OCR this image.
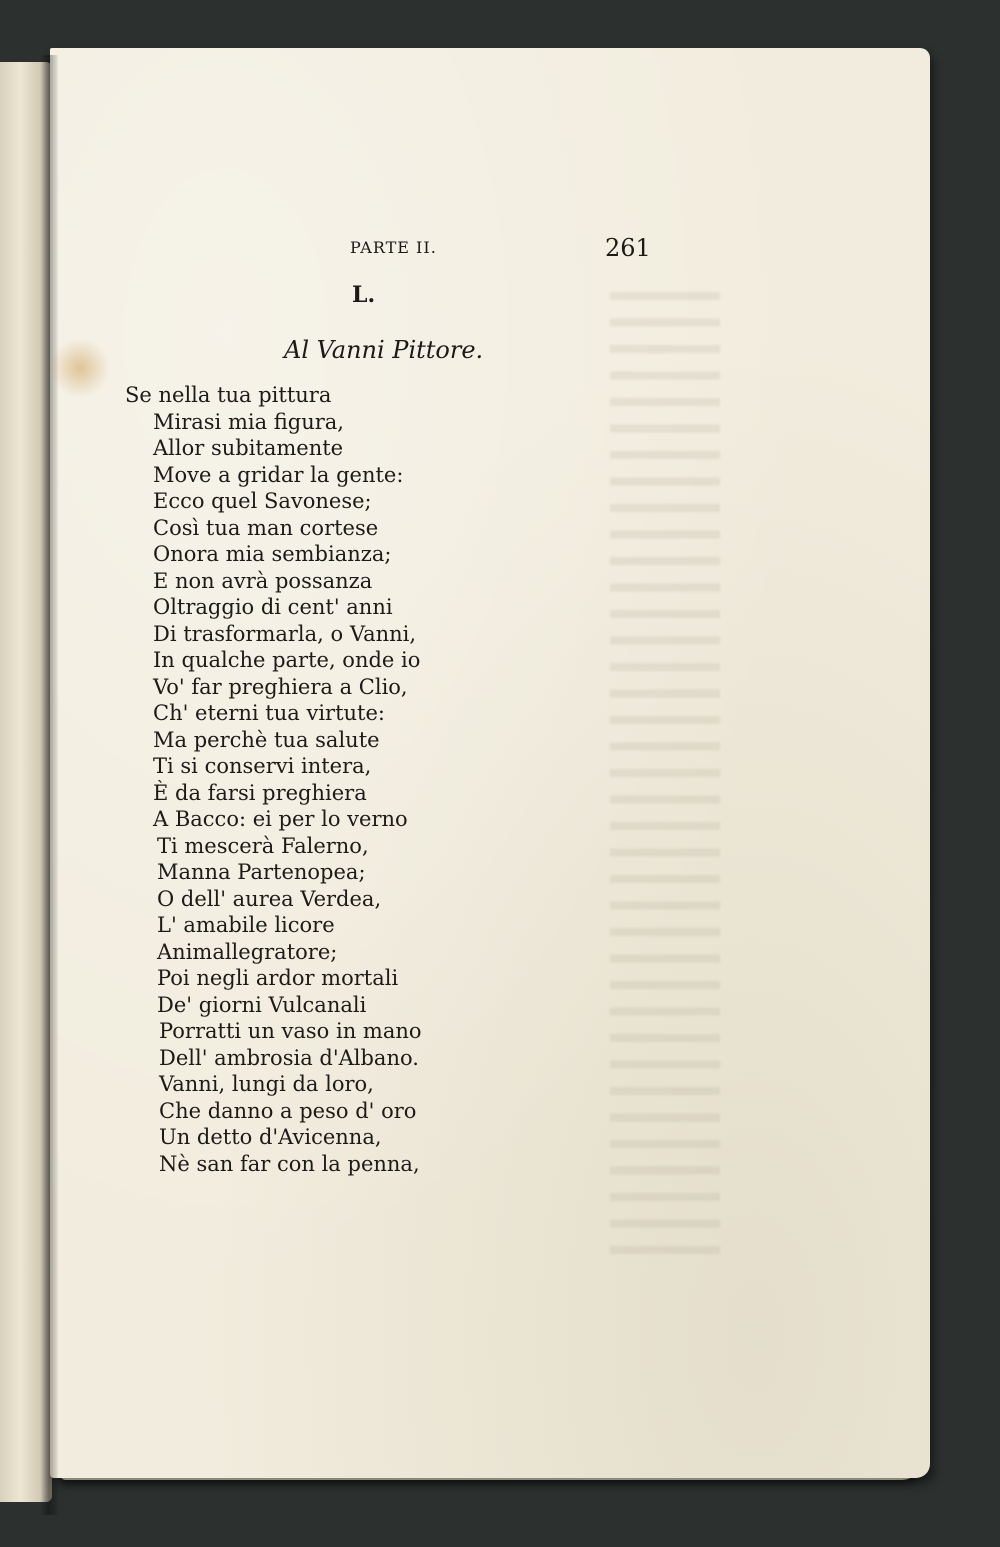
PARTE II.	261
L.
Al Vanni Pittore.
Se nella tua pittura
Mirasi mia figura,
Allor subitamente
Move a gridar la gente:
Ecco quel Savonese;
Così tua man cortese
Onora mia sembianza;
E non avrà possanza
Oltraggio di cent' anni
Di trasformarla, o Vanni,
In qualche parte, onde io
Vo' far preghiera a Clio,
Ch' eterni tua virtute:
Ma perchè tua salute
Ti si conservi intera,
È da farsi preghiera
A Bacco: ei per lo verno
Ti mescerà Falerno,
Manna Partenopea;
O dell' aurea Verdea,
L' amabile licore
Animallegratore;
Poi negli ardor mortali
De' giorni Vulcanali
Porratti un vaso in mano
Dell' ambrosia d'Albano.
Vanni, lungi da loro,
Che danno a peso d' oro
Un detto d'Avicenna,
Nè san far con la penna,
